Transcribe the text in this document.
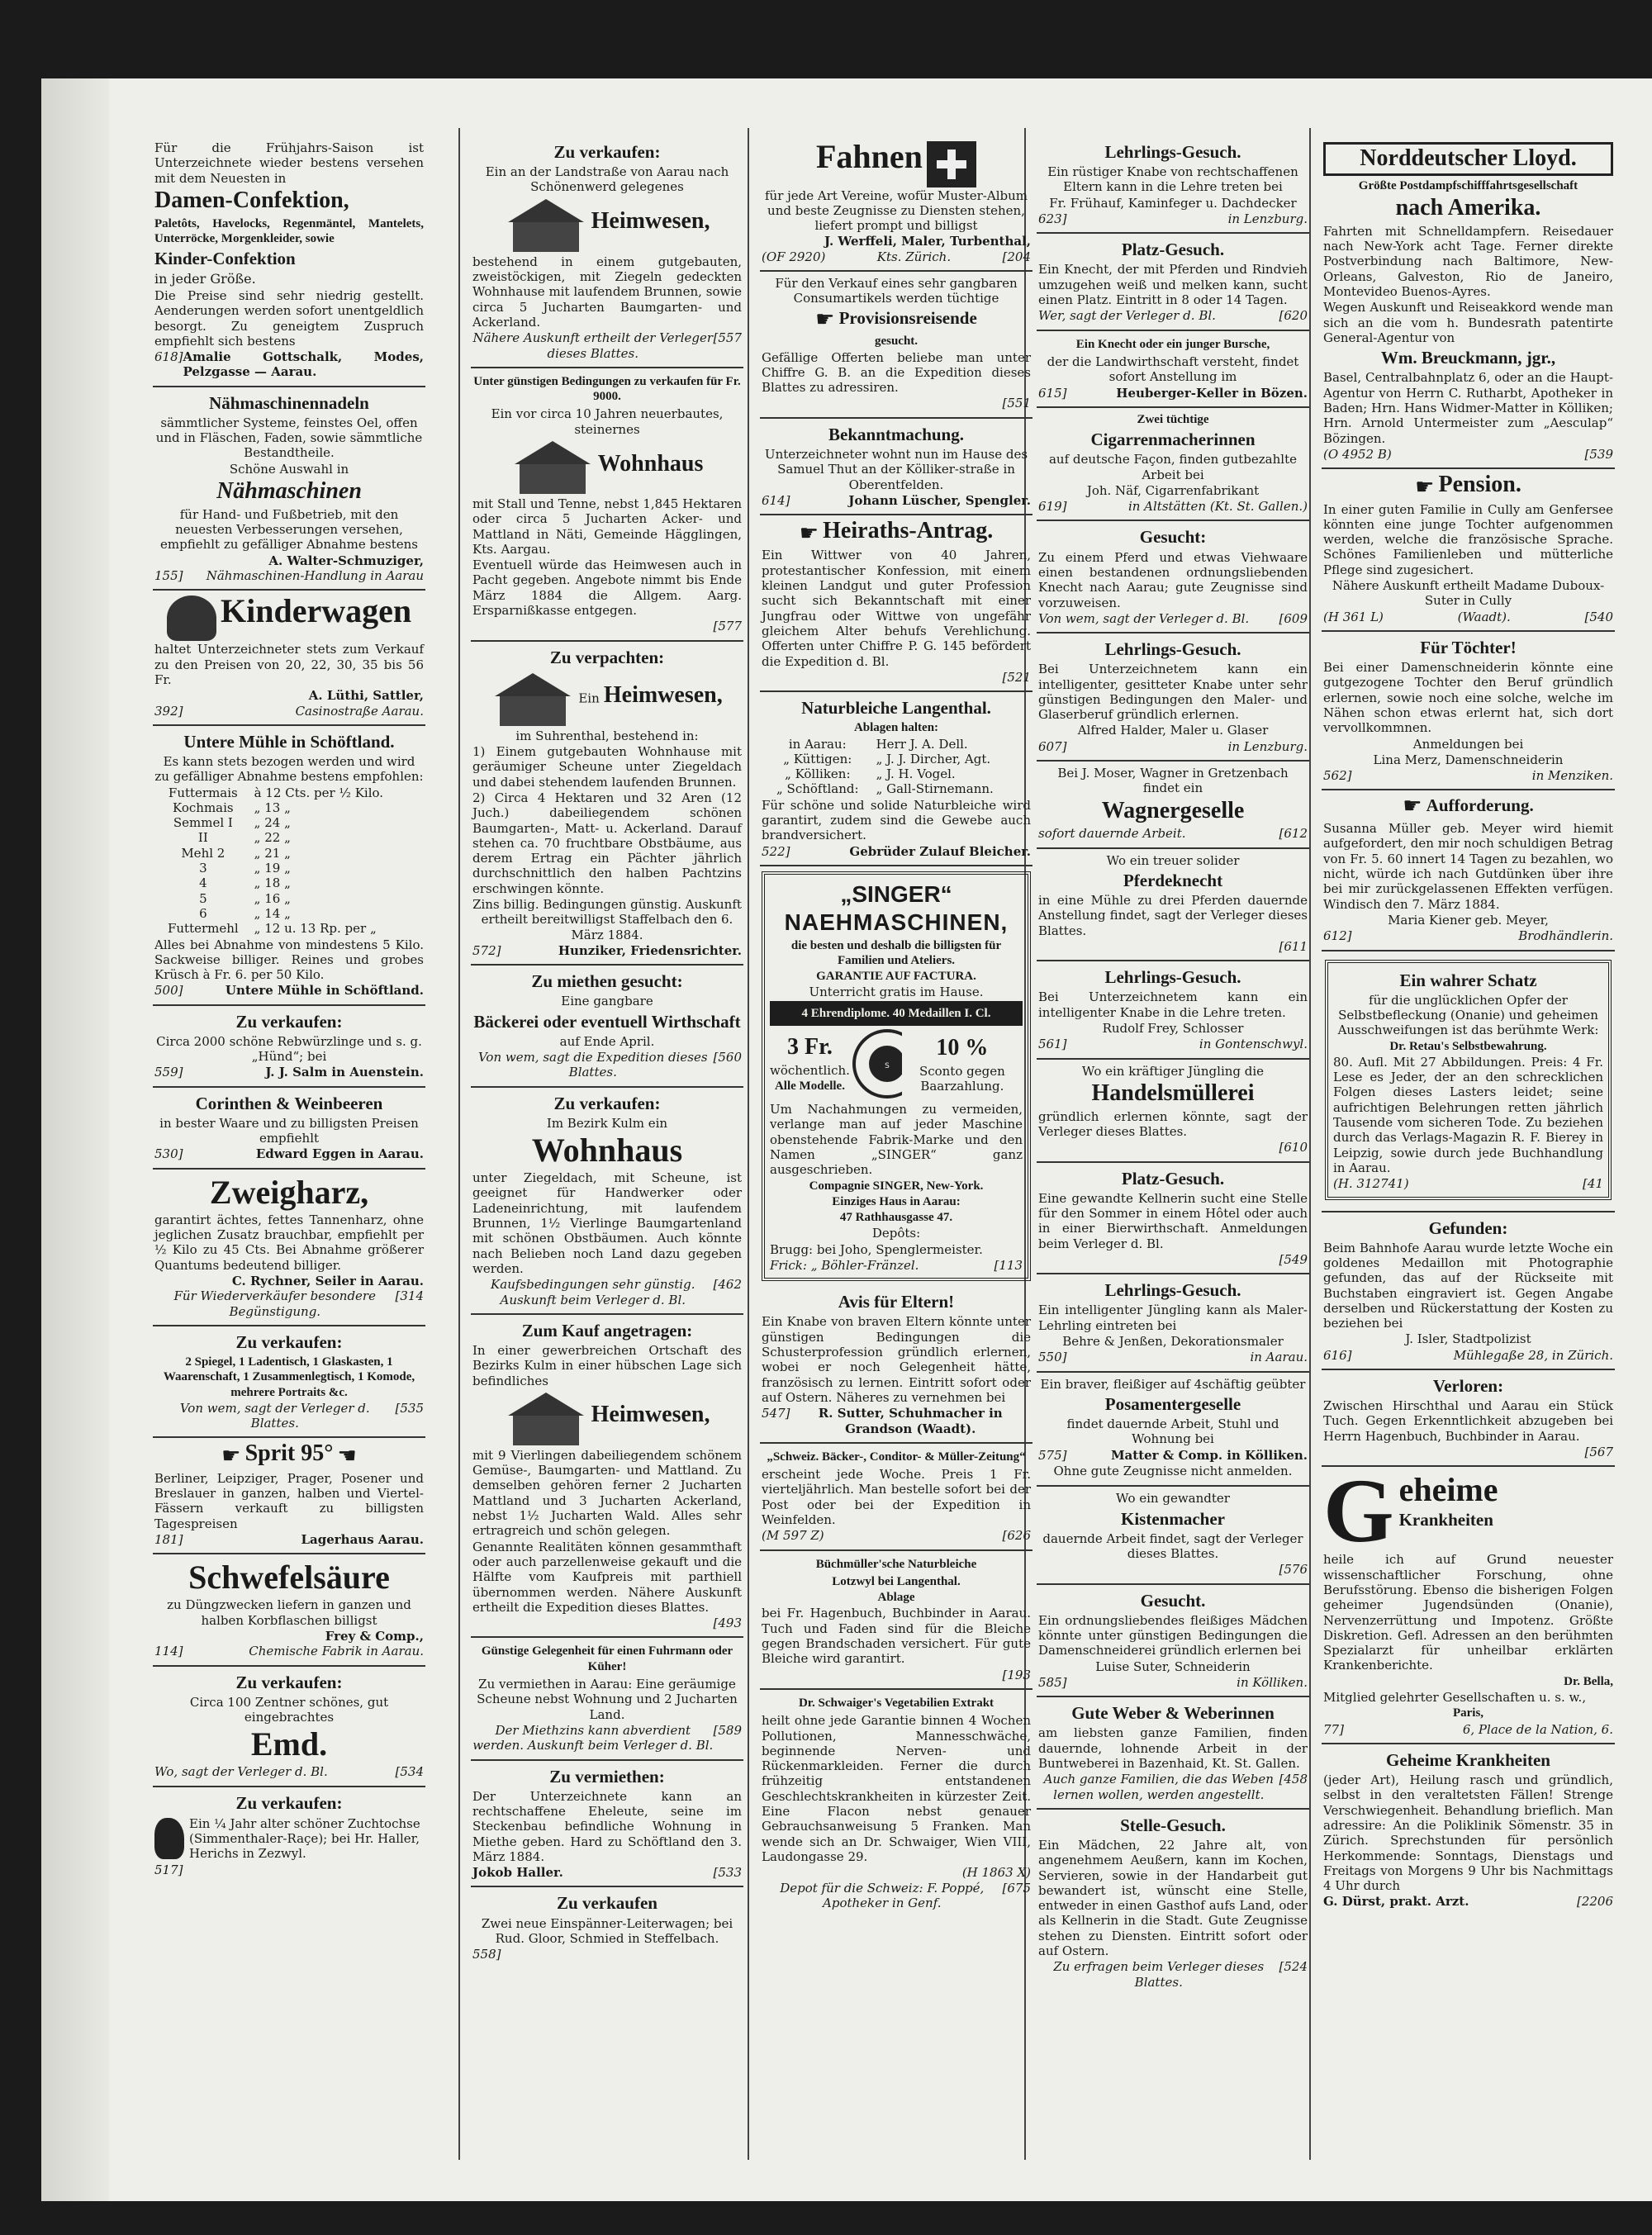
Für die Frühjahrs-Saison ist Unterzeichnete wieder bestens versehen mit dem Neuesten in

Damen-Confektion,

Paletôts, Havelocks, Regenmäntel, Mantelets, Unterröcke, Morgenkleider, sowie

Kinder-Confektion

in jeder Größe.

Die Preise sind sehr niedrig gestellt. Aenderungen werden sofort unentgeldlich besorgt. Zu geneigtem Zuspruch empfiehlt sich bestens

618] Amalie Gottschalk, Modes, Pelzgasse — Aarau.
Nähmaschinennadeln

sämmtlicher Systeme, feinstes Oel, offen und in Fläschen, Faden, sowie sämmtliche Bestandtheile.

Schöne Auswahl in

Nähmaschinen

für Hand- und Fußbetrieb, mit den neuesten Verbesserungen versehen, empfiehlt zu gefälliger Abnahme bestens

A. Walter-Schmuziger,
155] Nähmaschinen-Handlung in Aarau
Kinderwagen

haltet Unterzeichneter stets zum Verkauf zu den Preisen von 20, 22, 30, 35 bis 56 Fr.

A. Lüthi, Sattler,
392]	Casinostraße Aarau.
Untere Mühle in Schöftland.

Es kann stets bezogen werden und wird zu gefälliger Abnahme bestens empfohlen:

Futtermais	à 12 Cts. per ½ Kilo.
Kochmais	„ 13 „
Semmel I	„ 24 „
II	„ 22 „
Mehl 2	„ 21 „
3	„ 19 „
4	„ 18 „
5	„ 16 „
6	„ 14 „
Futtermehl	„ 12 u. 13 Rp. per „

Alles bei Abnahme von mindestens 5 Kilo. Sackweise billiger. Reines und grobes Krüsch à Fr. 6. per 50 Kilo.

500]	Untere Mühle in Schöftland.
Zu verkaufen:

Circa 2000 schöne Rebwürzlinge und s. g. „Hünd“; bei

559]	J. J. Salm in Auenstein.
Corinthen & Weinbeeren

in bester Waare und zu billigsten Preisen empfiehlt

530]	Edward Eggen in Aarau.
Zweigharz,

garantirt ächtes, fettes Tannenharz, ohne jeglichen Zusatz brauchbar, empfiehlt per ½ Kilo zu 45 Cts. Bei Abnahme größerer Quantums bedeutend billiger.

C. Rychner, Seiler in Aarau.
Für Wiederverkäufer besondere Begünstigung.
[314
Zu verkaufen:

2 Spiegel, 1 Ladentisch, 1 Glaskasten, 1 Waarenschaft, 1 Zusammenlegtisch, 1 Komode, mehrere Portraits &c.

Von wem, sagt der Verleger d. Blattes.
[535
☛ Sprit 95° ☚

Berliner, Leipziger, Prager, Posener und Breslauer in ganzen, halben und Viertel-Fässern verkauft zu billigsten Tagespreisen

181]	Lagerhaus Aarau.
Schwefelsäure

zu Düngzwecken liefern in ganzen und halben Korbflaschen billigst

Frey & Comp.,
114]	Chemische Fabrik in Aarau.
Zu verkaufen:

Circa 100 Zentner schönes, gut eingebrachtes

Emd.
Wo, sagt der Verleger d. Bl.	[534
Zu verkaufen:

Ein ¼ Jahr alter schöner Zuchtochse (Simmenthaler-Raçe); bei Hr. Haller, Herichs in Zezwyl.

517]
Zu verkaufen:

Ein an der Landstraße von Aarau nach Schönenwerd gelegenes

Heimwesen,

bestehend in einem gutgebauten, zweistöckigen, mit Ziegeln gedeckten Wohnhause mit laufendem Brunnen, sowie circa 5 Jucharten Baumgarten- und Ackerland.

Nähere Auskunft ertheilt der Verleger dieses Blattes.
[557
Unter günstigen Bedingungen zu verkaufen für Fr. 9000.

Ein vor circa 10 Jahren neuerbautes, steinernes

Wohnhaus

mit Stall und Tenne, nebst 1,845 Hektaren oder circa 5 Jucharten Acker- und Mattland in Näti, Gemeinde Hägglingen, Kts. Aargau.

Eventuell würde das Heimwesen auch in Pacht gegeben. Angebote nimmt bis Ende März 1884 die Allgem. Aarg. Ersparnißkasse entgegen.

[577
Zu verpachten:
Ein Heimwesen,

im Suhrenthal, bestehend in:

1) Einem gutgebauten Wohnhause mit geräumiger Scheune unter Ziegeldach und dabei stehendem laufenden Brunnen.

2) Circa 4 Hektaren und 32 Aren (12 Juch.) dabeiliegendem schönen Baumgarten-, Matt- u. Ackerland. Darauf stehen ca. 70 fruchtbare Obstbäume, aus derem Ertrag ein Pächter jährlich durchschnittlich den halben Pachtzins erschwingen könnte.

Zins billig. Bedingungen günstig. Auskunft ertheilt bereitwilligst Staffelbach den 6. März 1884.

572]	Hunziker, Friedensrichter.
Zu miethen gesucht:

Eine gangbare

Bäckerei oder eventuell Wirthschaft

auf Ende April.

Von wem, sagt die Expedition dieses Blattes.
[560
Zu verkaufen:

Im Bezirk Kulm ein

Wohnhaus

unter Ziegeldach, mit Scheune, ist geeignet für Handwerker oder Ladeneinrichtung, mit laufendem Brunnen, 1½ Vierlinge Baumgartenland mit schönen Obstbäumen. Auch könnte nach Belieben noch Land dazu gegeben werden.

Kaufsbedingungen sehr günstig. Auskunft beim Verleger d. Bl.
[462
Zum Kauf angetragen:

In einer gewerbreichen Ortschaft des Bezirks Kulm in einer hübschen Lage sich befindliches

Heimwesen,

mit 9 Vierlingen dabeiliegendem schönem Gemüse-, Baumgarten- und Mattland. Zu demselben gehören ferner 2 Jucharten Mattland und 3 Jucharten Ackerland, nebst 1½ Jucharten Wald. Alles sehr ertragreich und schön gelegen.

Genannte Realitäten können gesammthaft oder auch parzellenweise gekauft und die Hälfte vom Kaufpreis mit parthiell übernommen werden. Nähere Auskunft ertheilt die Expedition dieses Blattes.

[493
Günstige Gelegenheit für einen Fuhrmann oder Küher!

Zu vermiethen in Aarau: Eine geräumige Scheune nebst Wohnung und 2 Jucharten Land.

Der Miethzins kann abverdient werden. Auskunft beim Verleger d. Bl.
[589
Zu vermiethen:

Der Unterzeichnete kann an rechtschaffene Eheleute, seine im Steckenbau befindliche Wohnung in Miethe geben. Hard zu Schöftland den 3. März 1884.

Jokob Haller.	[533
Zu verkaufen

Zwei neue Einspänner-Leiterwagen; bei Rud. Gloor, Schmied in Steffelbach.

558]
Fahnen

für jede Art Vereine, wofür Muster-Album und beste Zeugnisse zu Diensten stehen, liefert prompt und billigst

J. Werffeli, Maler, Turbenthal,
(OF 2920)	Kts. Zürich.	[204

Für den Verkauf eines sehr gangbaren Consumartikels werden tüchtige

☛ Provisionsreisende

gesucht.

Gefällige Offerten beliebe man unter Chiffre G. B. an die Expedition dieses Blattes zu adressiren.

[551
Bekanntmachung.

Unterzeichneter wohnt nun im Hause des Samuel Thut an der Kölliker-straße in Oberentfelden.

614]	Johann Lüscher, Spengler.
☛ Heiraths-Antrag.

Ein Wittwer von 40 Jahren, protestantischer Konfession, mit einem kleinen Landgut und guter Profession sucht sich Bekanntschaft mit einer Jungfrau oder Wittwe von ungefähr gleichem Alter behufs Verehlichung. Offerten unter Chiffre P. G. 145 befördert die Expedition d. Bl.

[521
Naturbleiche Langenthal.

Ablagen halten:

in Aarau:	Herr J. A. Dell.
„ Küttigen:	„ J. J. Dircher, Agt.
„ Kölliken:	„ J. H. Vogel.
„ Schöftland:	„ Gall-Stirnemann.

Für schöne und solide Naturbleiche wird garantirt, zudem sind die Gewebe auch brandversichert.

522]	Gebrüder Zulauf Bleicher.
„SINGER“
NAEHMASCHINEN,

die besten und deshalb die billigsten für Familien und Ateliers.

GARANTIE AUF FACTURA.

Unterricht gratis im Hause.

4 Ehrendiplome. 40 Medaillen I. Cl.

3 Fr.

wöchentlich.

Alle Modelle.

S
10 %

Sconto gegen Baarzahlung.

Um Nachahmungen zu vermeiden, verlange man auf jeder Maschine obenstehende Fabrik-Marke und den Namen „SINGER“ ganz ausgeschrieben.

Compagnie SINGER, New-York.

Einziges Haus in Aarau:

47 Rathhausgasse 47.

Depôts:

Brugg: bei Joho, Spenglermeister.

Frick: „ Böhler-Fränzel.	[113
Avis für Eltern!

Ein Knabe von braven Eltern könnte unter günstigen Bedingungen die Schusterprofession gründlich erlernen, wobei er noch Gelegenheit hätte, französisch zu lernen. Eintritt sofort oder auf Ostern. Näheres zu vernehmen bei

547]	R. Sutter, Schuhmacher in Grandson (Waadt).
„Schweiz. Bäcker-, Conditor- & Müller-Zeitung“

erscheint jede Woche. Preis 1 Fr. vierteljährlich. Man bestelle sofort bei der Post oder bei der Expedition in Weinfelden.

(M 597 Z)	[626
Büchmüller'sche Naturbleiche

Lotzwyl bei Langenthal.

Ablage

bei Fr. Hagenbuch, Buchbinder in Aarau. Tuch und Faden sind für die Bleiche gegen Brandschaden versichert. Für gute Bleiche wird garantirt.

[193
Dr. Schwaiger's Vegetabilien Extrakt

heilt ohne jede Garantie binnen 4 Wochen Pollutionen, Mannesschwäche, beginnende Nerven- und Rückenmarkleiden. Ferner die durch frühzeitig entstandenen Geschlechtskrankheiten in kürzester Zeit. Eine Flacon nebst genauer Gebrauchsanweisung 5 Franken. Man wende sich an Dr. Schwaiger, Wien VIII, Laudongasse 29.

(H 1863 X)
Depot für die Schweiz: F. Poppé, Apotheker in Genf.
[675
Lehrlings-Gesuch.

Ein rüstiger Knabe von rechtschaffenen Eltern kann in die Lehre treten bei

Fr. Frühauf, Kaminfeger u. Dachdecker

623]	in Lenzburg.
Platz-Gesuch.

Ein Knecht, der mit Pferden und Rindvieh umzugehen weiß und melken kann, sucht einen Platz. Eintritt in 8 oder 14 Tagen.

Wer, sagt der Verleger d. Bl.	[620
Ein Knecht oder ein junger Bursche,

der die Landwirthschaft versteht, findet sofort Anstellung im

615]	Heuberger-Keller in Bözen.

Zwei tüchtige

Cigarrenmacherinnen

auf deutsche Façon, finden gutbezahlte Arbeit bei

Joh. Näf, Cigarrenfabrikant

619]	in Altstätten (Kt. St. Gallen.)
Gesucht:

Zu einem Pferd und etwas Viehwaare einen bestandenen ordnungsliebenden Knecht nach Aarau; gute Zeugnisse sind vorzuweisen.

Von wem, sagt der Verleger d. Bl. [609
Lehrlings-Gesuch.

Bei Unterzeichnetem kann ein intelligenter, gesitteter Knabe unter sehr günstigen Bedingungen den Maler- und Glaserberuf gründlich erlernen.

Alfred Halder, Maler u. Glaser

607]	in Lenzburg.

Bei J. Moser, Wagner in Gretzenbach findet ein

Wagnergeselle
sofort dauernde Arbeit.	[612

Wo ein treuer solider

Pferdeknecht

in eine Mühle zu drei Pferden dauernde Anstellung findet, sagt der Verleger dieses Blattes.

[611
Lehrlings-Gesuch.

Bei Unterzeichnetem kann ein intelligenter Knabe in die Lehre treten.

Rudolf Frey, Schlosser

561]	in Gontenschwyl.

Wo ein kräftiger Jüngling die

Handelsmüllerei

gründlich erlernen könnte, sagt der Verleger dieses Blattes.

[610
Platz-Gesuch.

Eine gewandte Kellnerin sucht eine Stelle für den Sommer in einem Hôtel oder auch in einer Bierwirthschaft. Anmeldungen beim Verleger d. Bl.

[549
Lehrlings-Gesuch.

Ein intelligenter Jüngling kann als Maler-Lehrling eintreten bei

Behre & Jenßen, Dekorationsmaler

550]	in Aarau.

Ein braver, fleißiger auf 4schäftig geübter

Posamentergeselle

findet dauernde Arbeit, Stuhl und Wohnung bei

575]	Matter & Comp. in Kölliken.

Ohne gute Zeugnisse nicht anmelden.

Wo ein gewandter

Kistenmacher

dauernde Arbeit findet, sagt der Verleger dieses Blattes.

[576
Gesucht.

Ein ordnungsliebendes fleißiges Mädchen könnte unter günstigen Bedingungen die Damenschneiderei gründlich erlernen bei

Luise Suter, Schneiderin

585]	in Kölliken.
Gute Weber & Weberinnen

am liebsten ganze Familien, finden dauernde, lohnende Arbeit in der Buntweberei in Bazenhaid, Kt. St. Gallen.

Auch ganze Familien, die das Weben lernen wollen, werden angestellt.
[458
Stelle-Gesuch.

Ein Mädchen, 22 Jahre alt, von angenehmem Aeußern, kann im Kochen, Servieren, sowie in der Handarbeit gut bewandert ist, wünscht eine Stelle, entweder in einen Gasthof aufs Land, oder als Kellnerin in die Stadt. Gute Zeugnisse stehen zu Diensten. Eintritt sofort oder auf Ostern.

Zu erfragen beim Verleger dieses Blattes.
[524
Norddeutscher Lloyd.

Größte Postdampfschifffahrtsgesellschaft

nach Amerika.

Fahrten mit Schnelldampfern. Reisedauer nach New-York acht Tage. Ferner direkte Postverbindung nach Baltimore, New-Orleans, Galveston, Rio de Janeiro, Montevideo Buenos-Ayres.

Wegen Auskunft und Reiseakkord wende man sich an die vom h. Bundesrath patentirte General-Agentur von

Wm. Breuckmann, jgr.,

Basel, Centralbahnplatz 6, oder an die Haupt-Agentur von Herrn C. Rutharbt, Apotheker in Baden; Hrn. Hans Widmer-Matter in Kölliken; Hrn. Arnold Untermeister zum „Aesculap“ Bözingen.

(O 4952 B)	[539
☛ Pension.

In einer guten Familie in Cully am Genfersee könnten eine junge Tochter aufgenommen werden, welche die französische Sprache. Schönes Familienleben und mütterliche Pflege sind zugesichert.

Nähere Auskunft ertheilt Madame Duboux-Suter in Cully

(H 361 L)	(Waadt).	[540
Für Töchter!

Bei einer Damenschneiderin könnte eine gutgezogene Tochter den Beruf gründlich erlernen, sowie noch eine solche, welche im Nähen schon etwas erlernt hat, sich dort vervollkommnen.

Anmeldungen bei

Lina Merz, Damenschneiderin

562]	in Menziken.
☛ Aufforderung.

Susanna Müller geb. Meyer wird hiemit aufgefordert, den mir noch schuldigen Betrag von Fr. 5. 60 innert 14 Tagen zu bezahlen, wo nicht, würde ich nach Gutdünken über ihre bei mir zurückgelassenen Effekten verfügen. Windisch den 7. März 1884.

Maria Kiener geb. Meyer,

612]	Brodhändlerin.
Ein wahrer Schatz

für die unglücklichen Opfer der Selbstbefleckung (Onanie) und geheimen Ausschweifungen ist das berühmte Werk:

Dr. Retau's Selbstbewahrung.

80. Aufl. Mit 27 Abbildungen. Preis: 4 Fr. Lese es Jeder, der an den schrecklichen Folgen dieses Lasters leidet; seine aufrichtigen Belehrungen retten jährlich Tausende vom sicheren Tode. Zu beziehen durch das Verlags-Magazin R. F. Bierey in Leipzig, sowie durch jede Buchhandlung in Aarau.

(H. 312741)	[41
Gefunden:

Beim Bahnhofe Aarau wurde letzte Woche ein goldenes Medaillon mit Photographie gefunden, das auf der Rückseite mit Buchstaben eingraviert ist. Gegen Angabe derselben und Rückerstattung der Kosten zu beziehen bei

J. Isler, Stadtpolizist

616]	Mühlegaße 28, in Zürich.
Verloren:

Zwischen Hirschthal und Aarau ein Stück Tuch. Gegen Erkenntlichkeit abzugeben bei Herrn Hagenbuch, Buchbinder in Aarau.

[567
G eheime
Krankheiten

heile ich auf Grund neuester wissenschaftlicher Forschung, ohne Berufsstörung. Ebenso die bisherigen Folgen geheimer Jugendsünden (Onanie), Nervenzerrüttung und Impotenz. Größte Diskretion. Gefl. Adressen an den berühmten Spezialarzt für unheilbar erklärten Krankenberichte.

Dr. Bella,

Mitglied gelehrter Gesellschaften u. s. w.,

Paris,

77]	6, Place de la Nation, 6.
Geheime Krankheiten

(jeder Art), Heilung rasch und gründlich, selbst in den veraltetsten Fällen! Strenge Verschwiegenheit. Behandlung brieflich. Man adressire: An die Poliklinik Sömenstr. 35 in Zürich. Sprechstunden für persönlich Herkommende: Sonntags, Dienstags und Freitags von Morgens 9 Uhr bis Nachmittags 4 Uhr durch

G. Dürst, prakt. Arzt.	[2206
